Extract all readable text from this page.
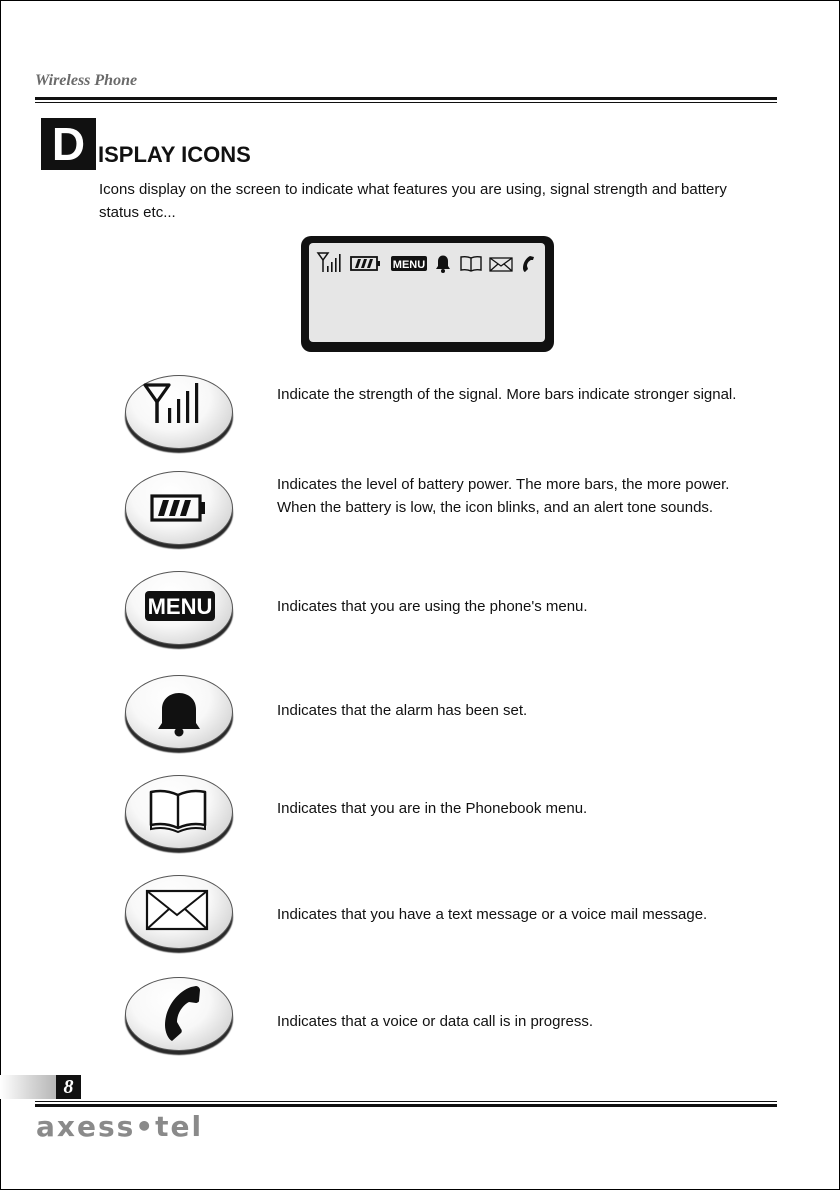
Wireless Phone
D ISPLAY ICONS
Icons display on the screen to indicate what features you are using, signal strength and battery status etc...
MENU
Indicate the strength of the signal. More bars indicate stronger signal.
Indicates the level of battery power. The more bars, the more power. When the battery is low, the icon blinks, and an alert tone sounds.
MENU	Indicates that you are using the phone's menu.
Indicates that the alarm has been set.
Indicates that you are in the Phonebook menu.
Indicates that you have a text message or a voice mail message.
Indicates that a voice or data call is in progress.
8
axess•tel
